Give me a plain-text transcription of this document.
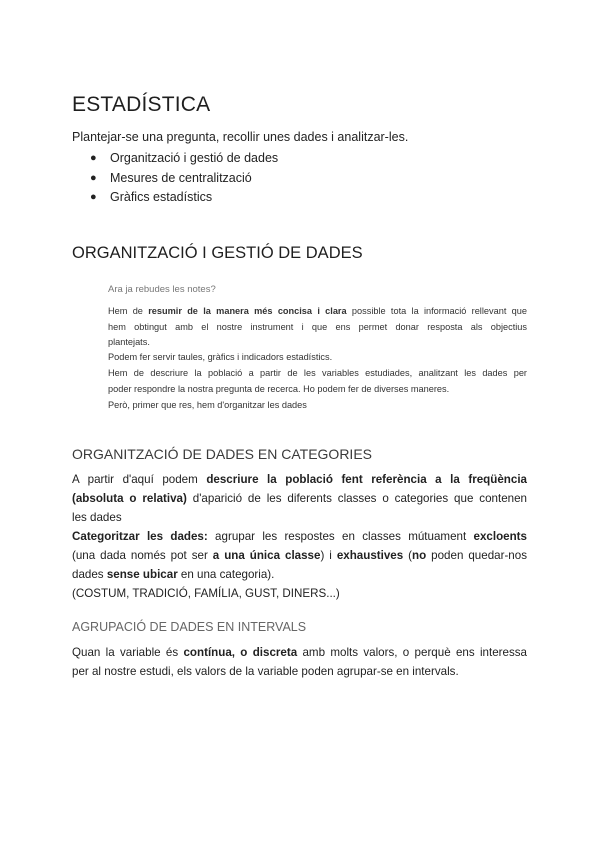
ESTADÍSTICA
Plantejar-se una pregunta, recollir unes dades i analitzar-les.
● Organització i gestió de dades
● Mesures de centralització
● Gràfics estadístics
ORGANITZACIÓ I GESTIÓ DE DADES
Ara ja rebudes les notes?
Hem de resumir de la manera més concisa i clara possible tota la informació rellevant que
hem obtingut amb el nostre instrument i que ens permet donar resposta als objectius
plantejats.
Podem fer servir taules, gràfics i indicadors estadístics.
Hem de descriure la població a partir de les variables estudiades, analitzant les dades per
poder respondre la nostra pregunta de recerca. Ho podem fer de diverses maneres.
Però, primer que res, hem d'organitzar les dades
ORGANITZACIÓ DE DADES EN CATEGORIES
A partir d'aquí podem descriure la població fent referència a la freqüència
(absoluta o relativa) d'aparició de les diferents classes o categories que contenen
les dades
Categoritzar les dades: agrupar les respostes en classes mútuament excloents
(una dada només pot ser a una única classe) i exhaustives (no poden quedar-nos
dades sense ubicar en una categoria).
(COSTUM, TRADICIÓ, FAMÍLIA, GUST, DINERS...)
AGRUPACIÓ DE DADES EN INTERVALS
Quan la variable és contínua, o discreta amb molts valors, o perquè ens interessa
per al nostre estudi, els valors de la variable poden agrupar-se en intervals.
